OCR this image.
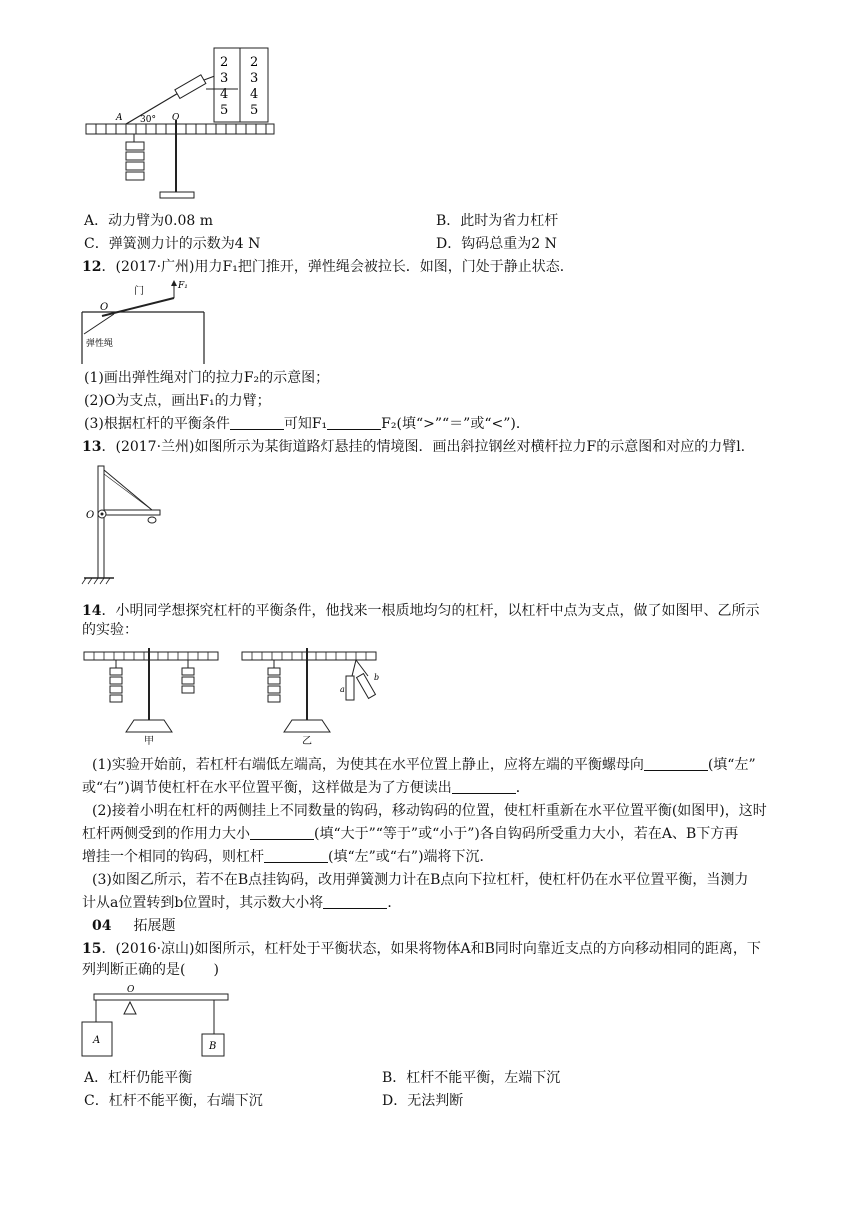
A 30° O
2
3
4
5
2
3
4
5
A．动力臂为0.08 m	B．此时为省力杠杆
C．弹簧测力计的示数为4 N	D．钩码总重为2 N
12．(2017·广州)用力F₁把门推开，弹性绳会被拉长．如图，门处于静止状态．
O
门	F₁
弹性绳
(1)画出弹性绳对门的拉力F₂的示意图；
(2)O为支点，画出F₁的力臂；
(3)根据杠杆的平衡条件	可知F₁	F₂(填“>”“＝”或“<”)．
13．(2017·兰州)如图所示为某街道路灯悬挂的情境图．画出斜拉钢丝对横杆拉力F的示意图和对应的力臂l.
O
14．小明同学想探究杠杆的平衡条件，他找来一根质地均匀的杠杆，以杠杆中点为支点，做了如图甲、乙所示
的实验：
甲
a
b
乙
(1)实验开始前，若杠杆右端低左端高，为使其在水平位置上静止，应将左端的平衡螺母向	(填“左”
或“右”)调节使杠杆在水平位置平衡，这样做是为了方便读出	．
(2)接着小明在杠杆的两侧挂上不同数量的钩码，移动钩码的位置，使杠杆重新在水平位置平衡(如图甲)，这时
杠杆两侧受到的作用力大小	(填“大于”“等于”或“小于”)各自钩码所受重力大小，若在A、B下方再
增挂一个相同的钩码，则杠杆	(填“左”或“右”)端将下沉．
(3)如图乙所示，若不在B点挂钩码，改用弹簧测力计在B点向下拉杠杆，使杠杆仍在水平位置平衡，当测力
计从a位置转到b位置时，其示数大小将	．
04 拓展题
15．(2016·凉山)如图所示，杠杆处于平衡状态，如果将物体A和B同时向靠近支点的方向移动相同的距离，下
列判断正确的是(　　)
O
A
B
A．杠杆仍能平衡	B．杠杆不能平衡，左端下沉
C．杠杆不能平衡，右端下沉	D．无法判断
